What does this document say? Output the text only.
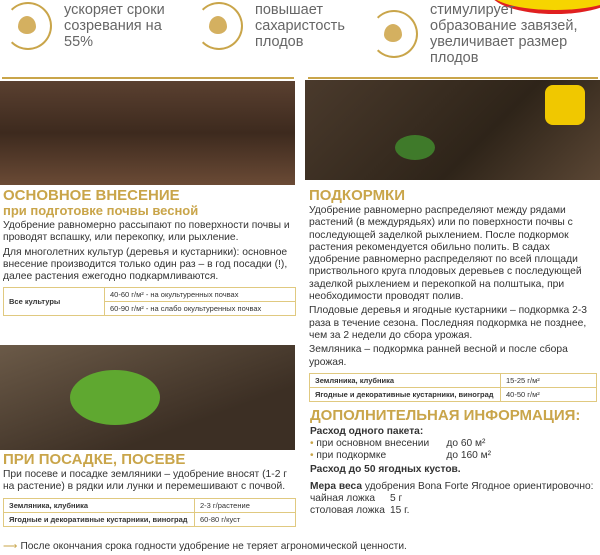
ускоряет сроки созревания на 55%
повышает сахаристость плодов
стимулирует образование завязей, увеличивает размер плодов
ОСНОВНОЕ ВНЕСЕНИЕ
при подготовке почвы весной
Удобрение равномерно рассыпают по поверхности почвы и проводят вспашку, или перекопку, или рыхление.
Для многолетних культур (деревья и кустарники): основное внесение производится только один раз – в год посадки (!), далее растения ежегодно подкармливаются.
Все культуры	40-60 г/м² - на окультуренных почвах
60-90 г/м² - на слабо окультуренных почвах
ПОДКОРМКИ
Удобрение равномерно распределяют между рядами растений (в междурядьях) или по поверхности почвы с последующей заделкой рыхлением. После подкормок растения рекомендуется обильно полить. В садах удобрение равномерно распределяют по всей площади приствольного круга плодовых деревьев с последующей заделкой рыхлением и перекопкой на полштыка, при необходимости проводят полив.
Плодовые деревья и ягодные кустарники – подкормка 2-3 раза в течение сезона. Последняя подкормка не позднее, чем за 2 недели до сбора урожая.
Земляника – подкормка ранней весной и после сбора урожая.
Земляника, клубника	15-25 г/м²
Ягодные и декоративные кустарники, виноград	40-50 г/м²
ПРИ ПОСАДКЕ, ПОСЕВЕ
При посеве и посадке земляники – удобрение вносят (1-2 г на растение) в рядки или лунки и перемешивают с почвой.
Земляника, клубника	2-3 г/растение
Ягодные и декоративные кустарники, виноград	60-80 г/куст
ДОПОЛНИТЕЛЬНАЯ ИНФОРМАЦИЯ:
Расход одного пакета:
• при основном внесении до 60 м²
• при подкормке	до 160 м²
Расход до 50 ягодных кустов.
Мера веса удобрения Bona Forte Ягодное ориентировочно:
чайная ложка 5 г
столовая ложка 15 г.
⟶ После окончания срока годности удобрение не теряет агрономической ценности.
